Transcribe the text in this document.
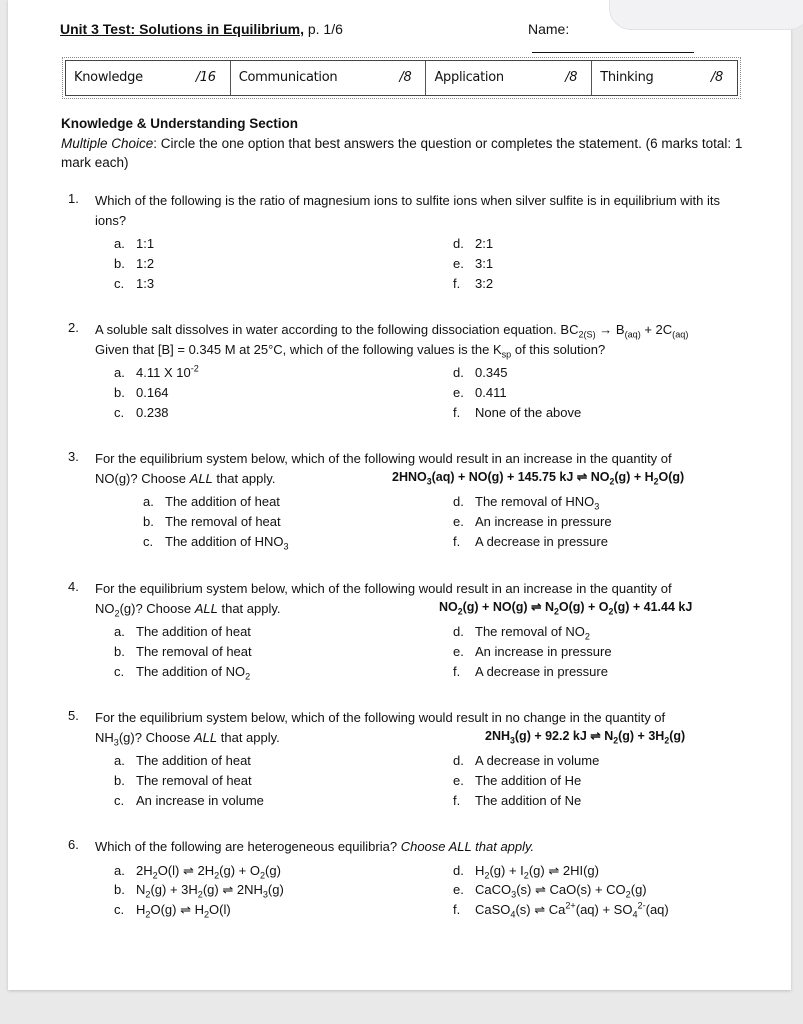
Unit 3 Test: Solutions in Equilibrium, p. 1/6	Name:
Knowledge	/16 Communication	/8 Application	/8 Thinking	/8
Knowledge & Understanding Section
Multiple Choice: Circle the one option that best answers the question or completes the statement. (6 marks total: 1 mark each)
1. Which of the following is the ratio of magnesium ions to sulfite ions when silver sulfite is in equilibrium with its ions?
a. 1:1
b. 1:2
c. 1:3
d. 2:1
e. 3:1
f. 3:2
2. A soluble salt dissolves in water according to the following dissociation equation. $BC_{2(S)} \to B_{(aq)} + 2C_{(aq)}$
Given that [B] = 0.345 M at 25°C, which of the following values is the $K_{sp}$ of this solution?
a. 4.11 X $10^{-2}$
b. 0.164
c. 0.238
d. 0.345
e. 0.411
f. None of the above
3. For the equilibrium system below, which of the following would result in an increase in the quantity of
NO(g)? Choose ALL that apply.	$2HNO_3(aq) + NO(g) + 145.75$ kJ ⇌ $NO_2(g) + H_2O(g)$
a. The addition of heat
b. The removal of heat
c. The addition of $HNO_3$
d. The removal of $HNO_3$
e. An increase in pressure
f. A decrease in pressure
4. For the equilibrium system below, which of the following would result in an increase in the quantity of
$NO_2(g)$? Choose ALL that apply.	$NO_2(g) + NO(g)$ ⇌ $N_2O(g) + O_2(g) + 41.44$ kJ
a. The addition of heat
b. The removal of heat
c. The addition of $NO_2$
d. The removal of $NO_2$
e. An increase in pressure
f. A decrease in pressure
5. For the equilibrium system below, which of the following would result in no change in the quantity of
$NH_3(g)$? Choose ALL that apply.	$2NH_3(g) + 92.2$ kJ ⇌ $N_2(g) + 3H_2(g)$
a. The addition of heat
b. The removal of heat
c. An increase in volume
d. A decrease in volume
e. The addition of He
f. The addition of Ne
6. Which of the following are heterogeneous equilibria? Choose ALL that apply.
a. $2H_2O(l)$ ⇌ $2H_2(g) + O_2(g)$
b. $N_2(g) + 3H_2(g)$ ⇌ $2NH_3(g)$
c. $H_2O(g)$ ⇌ $H_2O(l)$
d. $H_2(g) + I_2(g)$ ⇌ 2HI(g)
e. CaCO$_3$(s) ⇌ $CaO(s) + CO_2(g)$
f. CaSO$_4$(s) ⇌ $Ca^{2+}(aq) + SO_4^{2-}(aq)$
